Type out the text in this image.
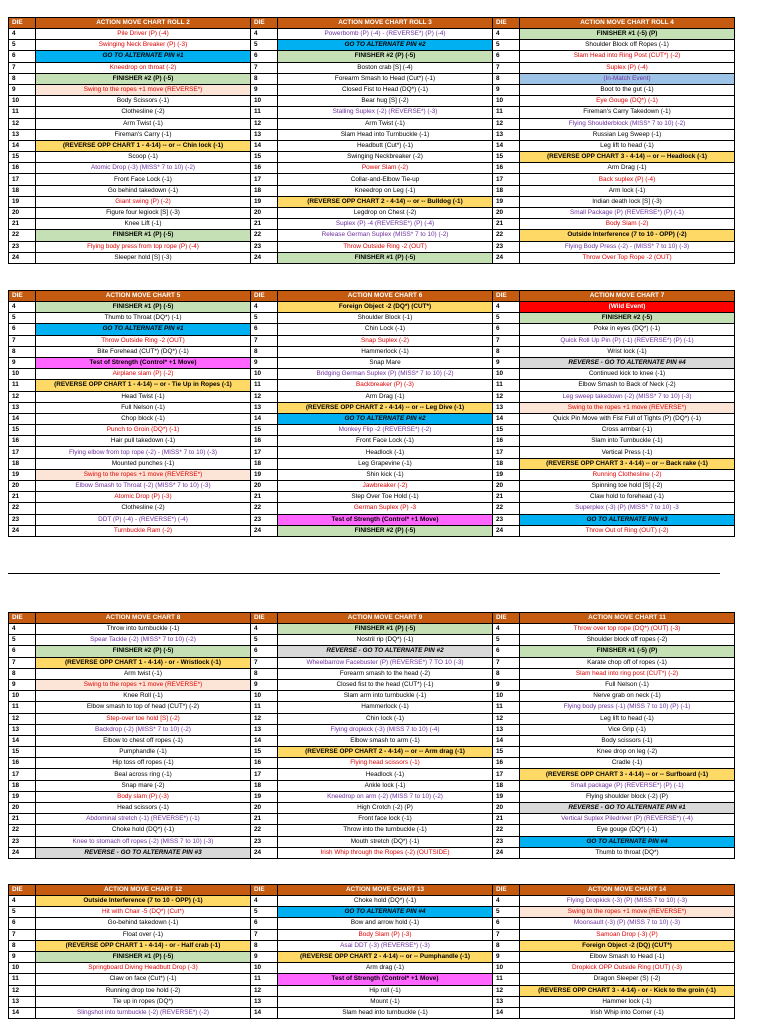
DIE	ACTION MOVE CHART ROLL 2	DIE	ACTION MOVE CHART ROLL 3	DIE	ACTION MOVE CHART ROLL 4
4	Pile Driver (P) (-4)	4	Powerbomb (P) (-4) - (REVERSE*) (P) (-4)	4	FINISHER #1 (-5) (P)
5	Swinging Neck Breaker (P) (-3)	5	GO TO ALTERNATE PIN #2	5	Shoulder Block off Ropes (-1)
6	GO TO ALTERNATE PIN #1	6	FINISHER #2 (P) (-5)	6	Slam Head into Ring Post (CUT*) (-2)
7	Kneedrop on throat (-2)	7	Boston crab [S] (-4)	7	Suplex (P) (-4)
8	FINISHER #2 (P) (-5)	8	Forearm Smash to Head (Cut*) (-1)	8	(In-Match Event)
9	Swing to the ropes +1 move (REVERSE*)	9	Closed Fist to Head (DQ*) (-1)	9	Boot to the gut (-1)
10	Body Scissors (-1)	10	Bear hug [S] (-2)	10	Eye Gouge (DQ*) (-1)
11	Clothesline (-2)	11	Stalling Suplex (-2) (REVERSE*) (-3)	11	Fireman's Carry Takedown (-1)
12	Arm Twist (-1)	12	Arm Twist (-1)	12	Flying Shoulderblock (MISS* 7 to 10) (-2)
13	Fireman's Carry (-1)	13	Slam Head into Turnbuckle (-1)	13	Russian Leg Sweep (-1)
14	(REVERSE OPP CHART 1 - 4-14) -- or -- Chin lock (-1)	14	Headbutt (Cut*) (-1)	14	Leg lift to head (-1)
15	Scoop (-1)	15	Swinging Neckbreaker (-2)	15	(REVERSE OPP CHART 3 - 4-14) -- or -- Headlock (-1)
16	Atomic Drop (-3) (MISS* 7 to 10) (-2)	16	Power Slam (-2)	16	Arm Drag (-1)
17	Front Face Lock (-1)	17	Collar-and-Elbow Tie-up	17	Back suplex (P) (-4)
18	Go behind takedown (-1)	18	Kneedrop on Leg (-1)	18	Arm lock (-1)
19	Giant swing (P) (-2)	19	(REVERSE OPP CHART 2 - 4-14) -- or -- Bulldog (-1)	19	Indian death lock [S] (-3)
20	Figure four legiock [S] (-3)	20	Legdrop on Chest (-2)	20	Small Package (P) (REVERSE*) (P) (-1)
21	Knee Lift (-1)	21	Suplex (P) -4 (REVERSE*) (P) (-4)	21	Body Slam (-2)
22	FINISHER #1 (P) (-5)	22	Release German Suplex (MISS* 7 to 10) (-2)	22	Outside Interference (7 to 10 - OPP) (-2)
23	Flying body press from top rope (P) (-4)	23	Throw Outside Ring -2 (OUT)	23	Flying Body Press (-2) - (MISS* 7 to 10) (-3)
24	Sleeper hold [S] (-3)	24	FINISHER #1 (P) (-5)	24	Throw Over Top Rope -2 (OUT)
DIE	ACTION MOVE CHART 5	DIE	ACTION MOVE CHART 6	DIE	ACTION MOVE CHART 7
4	FINISHER #1 (P) (-5)	4	Foreign Object -2 (DQ*) (CUT*)	4	(Wild Event)
5	Thumb to Throat (DQ*) (-1)	5	Shoulder Block (-1)	5	FINISHER #2 (-5)
6	GO TO ALTERNATE PIN #1	6	Chin Lock (-1)	6	Poke in eyes (DQ*) (-1)
7	Throw Outside Ring -2 (OUT)	7	Snap Suplex (-2)	7	Quick Roll Up Pin (P) (-1) (REVERSE*) (P) (-1)
8	Bite Forehead (CUT*) (DQ*) (-1)	8	Hammerlock (-1)	8	Wrist lock (-1)
9	Test of Strength (Control* +1 Move)	9	Snap Mare	9	REVERSE - GO TO ALTERNATE PIN #4
10	Airplane slam (P) (-2)	10	Bridging German Suplex (P) (MISS* 7 to 10) (-2)	10	Continued kick to knee (-1)
11	(REVERSE OPP CHART 1 - 4-14) -- or - Tie Up in Ropes (-1)	11	Backbreaker (P) (-3)	11	Elbow Smash to Back of Neck (-2)
12	Head Twist (-1)	12	Arm Drag (-1)	12	Leg sweep takedown (-2) (MISS* 7 to 10) (-3)
13	Full Nelson (-1)	13	(REVERSE OPP CHART 2 - 4-14) -- or -- Leg Dive (-1)	13	Swing to the ropes +1 move (REVERSE*)
14	Chop block (-1)	14	GO TO ALTERNATE PIN #2	14	Quick Pin Move with Fist Full of Tights (P) (DQ*) (-1)
15	Punch to Groin (DQ*) (-1)	15	Monkey Flip -2 (REVERSE*) (-2)	15	Cross armbar (-1)
16	Hair pull takedown (-1)	16	Front Face Lock (-1)	16	Slam into Turnbuckle (-1)
17	Flying elbow from top rope (-2) - (MISS* 7 to 10) (-3)	17	Headlock (-1)	17	Vertical Press (-1)
18	Mounted punches (-1)	18	Leg Grapevine (-1)	18	(REVERSE OPP CHART 3 - 4-14) -- or -- Back rake (-1)
19	Swing to the ropes +1 move (REVERSE*)	19	Shin kick (-1)	19	Running Clothesline (-2)
20	Elbow Smash to Throat (-2) (MISS* 7 to 10) (-3)	20	Jawbreaker (-2)	20	Spinning toe hold [S] (-2)
21	Atomic Drop (P) (-3)	21	Step Over Toe Hold (-1)	21	Claw hold to forehead (-1)
22	Clothesline (-2)	22	German Suplex (P) -3	22	Superplex (-3) (P) (MISS* 7 to 10) -3
23	DDT (P) (-4) - (REVERSE*) (-4)	23	Test of Strength (Control* +1 Move)	23	GO TO ALTERNATE PIN #3
24	Turnbuckle Ram (-2)	24	FINISHER #2 (P) (-5)	24	Throw Out of Ring (OUT) (-2)
DIE	ACTION MOVE CHART 8	DIE	ACTION MOVE CHART 9	DIE	ACTION MOVE CHART 11
4	Throw into turnbuckle (-1)	4	FINISHER #1 (P) (-5)	4	Throw over top rope (DQ*) (OUT) (-3)
5	Spear Tackle (-2) (MISS* 7 to 10) (-2)	5	Nostril rip (DQ*) (-1)	5	Shoulder block off ropes (-2)
6	FINISHER #2 (P) (-5)	6	REVERSE - GO TO ALTERNATE PIN #2	6	FINISHER #1 (-5) (P)
7	(REVERSE OPP CHART 1 - 4-14) - or - Wristlock (-1)	7	Wheelbarrow Facebuster (P) (REVERSE*) 7 TO 10 (-3)	7	Karate chop off of ropes (-1)
8	Arm twist (-1)	8	Forearm smash to the head (-2)	8	Slam head into ring post (CUT*) (-2)
9	Swing to the ropes +1 move (REVERSE*)	9	Closed fist to the head (CUT*) (-1)	9	Full Nelson (-1)
10	Knee Roll (-1)	10	Slam arm into turnbuckle (-1)	10	Nerve grab on neck (-1)
11	Elbow smash to top of head (CUT*) (-2)	11	Hammerlock (-1)	11	Flying body press (-1) (MISS 7 to 10) (P) (-1)
12	Step-over toe hold [S] (-2)	12	Chin lock (-1)	12	Leg lift to head (-1)
13	Backdrop (-2) (MISS* 7 to 10) (-2)	13	Flying dropkick (-3) (MISS 7 to 10) (-4)	13	Vice Grip (-1)
14	Elbow to chest off ropes (-1)	14	Elbow smash to arm (-1)	14	Body scissors (-1)
15	Pumphandle (-1)	15	(REVERSE OPP CHART 2 - 4-14) -- or -- Arm drag (-1)	15	Knee drop on leg (-2)
16	Hip toss off ropes (-1)	16	Flying head scissors (-1)	16	Cradle (-1)
17	Beal across ring (-1)	17	Headlock (-1)	17	(REVERSE OPP CHART 3 - 4-14) -- or -- Surfboard (-1)
18	Snap mare (-2)	18	Ankle lock (-1)	18	Small package (P) (REVERSE*) (P) (-1)
19	Body slam (P) (-3)	19	Kneedrop on arm (-2) (MISS 7 to 10) (-2)	19	Flying shoulder block (-2) (P)
20	Head scissors (-1)	20	High Crotch (-2) (P)	20	REVERSE - GO TO ALTERNATE PIN #1
21	Abdominal stretch (-1) (REVERSE*) (-1)	21	Front face lock (-1)	21	Vertical Suplex Piledriver (P) (REVERSE*) (-4)
22	Choke hold (DQ*) (-1)	22	Throw into the turnbuckle (-1)	22	Eye gouge (DQ*) (-1)
23	Knee to stomach off ropes (-2) (MISS 7 to 10) (-3)	23	Mouth stretch (DQ*) (-1)	23	GO TO ALTERNATE PIN #4
24	REVERSE - GO TO ALTERNATE PIN #3	24	Irish Whip through the Ropes (-2) (OUTSIDE)	24	Thumb to throat (DQ*)
DIE	ACTION MOVE CHART 12	DIE	ACTION MOVE CHART 13	DIE	ACTION MOVE CHART 14
4	Outside Interference (7 to 10 - OPP) (-1)	4	Choke hold (DQ*) (-1)	4	Flying Dropkick (-3) (P) (MISS 7 to 10) (-3)
5	Hit with Chair -5 (DQ*) (Cut*)	5	GO TO ALTERNATE PIN #4	5	Swing to the ropes +1 move (REVERSE*)
6	Go-behind takedown (-1)	6	Bow and arrow hold (-1)	6	Moonsault (-3) (P) (MISS 7 to 10) (-3)
7	Float over (-1)	7	Body Slam (P) (-3)	7	Samoan Drop (-3) (P)
8	(REVERSE OPP CHART 1 - 4-14) - or - Half crab (-1)	8	Asai DDT (-3) (REVERSE*) (-3)	8	Foreign Object -2 (DQ) (CUT*)
9	FINISHER #1 (P) (-5)	9	(REVERSE OPP CHART 2 - 4-14) -- or -- Pumphandle (-1)	9	Elbow Smash to Head (-1)
10	Springboard Diving Headbutt Drop (-3)	10	Arm drag (-1)	10	Dropkick OPP Outside Ring (OUT) (-3)
11	Claw on face (Cut*) (-1)	11	Test of Strength (Control* +1 Move)	11	Dragon Sleeper (S) (-2)
12	Running drop toe hold (-2)	12	Hip roll (-1)	12	(REVERSE OPP CHART 3 - 4-14) - or - Kick to the groin (-1)
13	Tie up in ropes (DQ*)	13	Mount (-1)	13	Hammer lock (-1)
14	Slingshot into turnbuckle (-2) (REVERSE*) (-2)	14	Slam head into turnbuckle (-1)	14	Irish Whip into Corner (-1)
